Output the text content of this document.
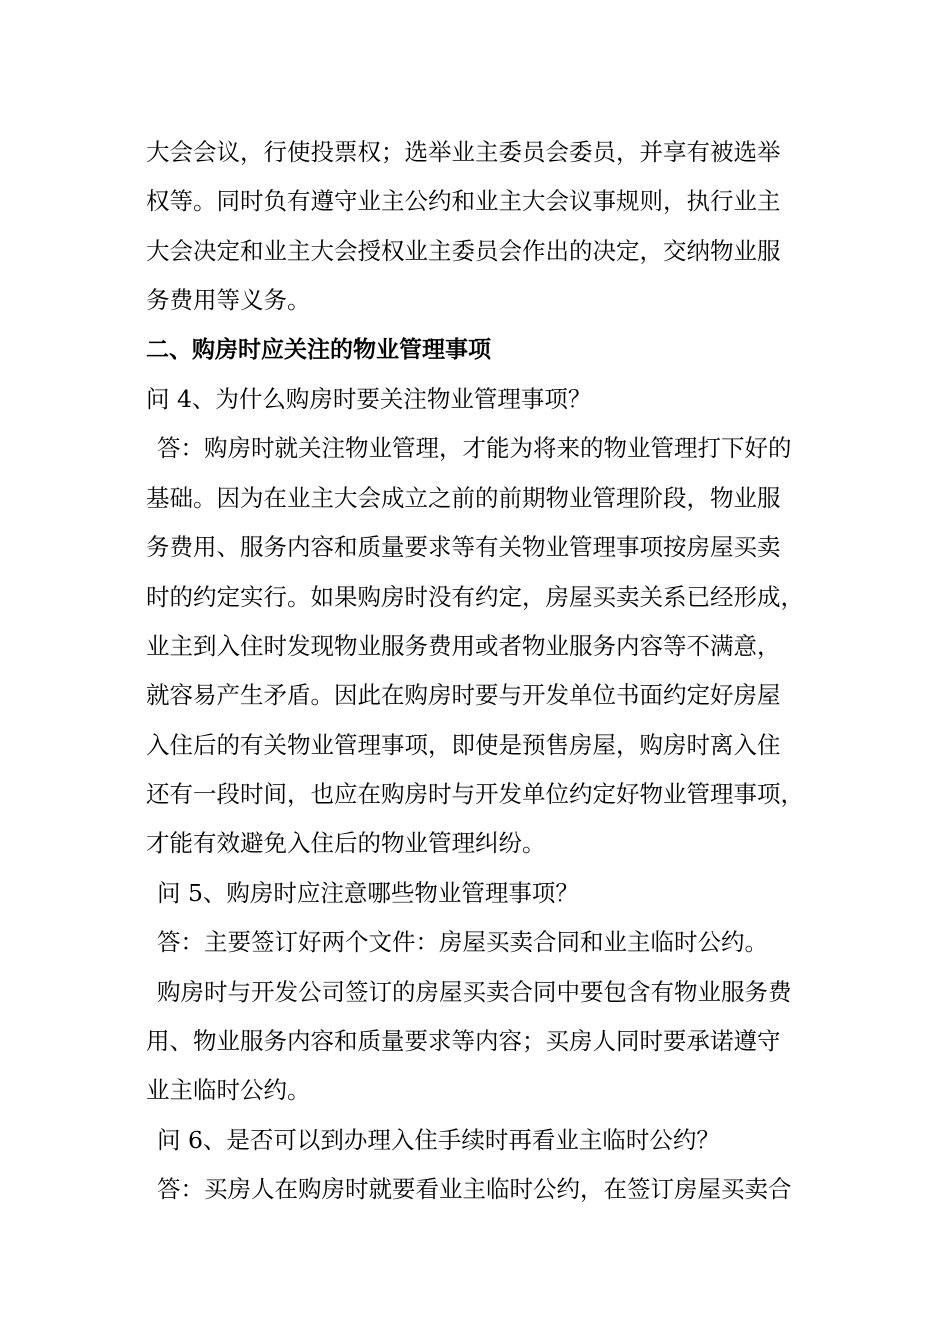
大会会议，行使投票权；选举业主委员会委员，并享有被选举
权等。同时负有遵守业主公约和业主大会议事规则，执行业主
大会决定和业主大会授权业主委员会作出的决定，交纳物业服
务费用等义务。
二、购房时应关注的物业管理事项
问 4、为什么购房时要关注物业管理事项？
答：购房时就关注物业管理，才能为将来的物业管理打下好的
基础。因为在业主大会成立之前的前期物业管理阶段，物业服
务费用、服务内容和质量要求等有关物业管理事项按房屋买卖
时的约定实行。如果购房时没有约定，房屋买卖关系已经形成，
业主到入住时发现物业服务费用或者物业服务内容等不满意，
就容易产生矛盾。因此在购房时要与开发单位书面约定好房屋
入住后的有关物业管理事项，即使是预售房屋，购房时离入住
还有一段时间，也应在购房时与开发单位约定好物业管理事项，
才能有效避免入住后的物业管理纠纷。
问 5、购房时应注意哪些物业管理事项？
答：主要签订好两个文件：房屋买卖合同和业主临时公约。
购房时与开发公司签订的房屋买卖合同中要包含有物业服务费
用、物业服务内容和质量要求等内容；买房人同时要承诺遵守
业主临时公约。
问 6、是否可以到办理入住手续时再看业主临时公约？
答：买房人在购房时就要看业主临时公约，在签订房屋买卖合
